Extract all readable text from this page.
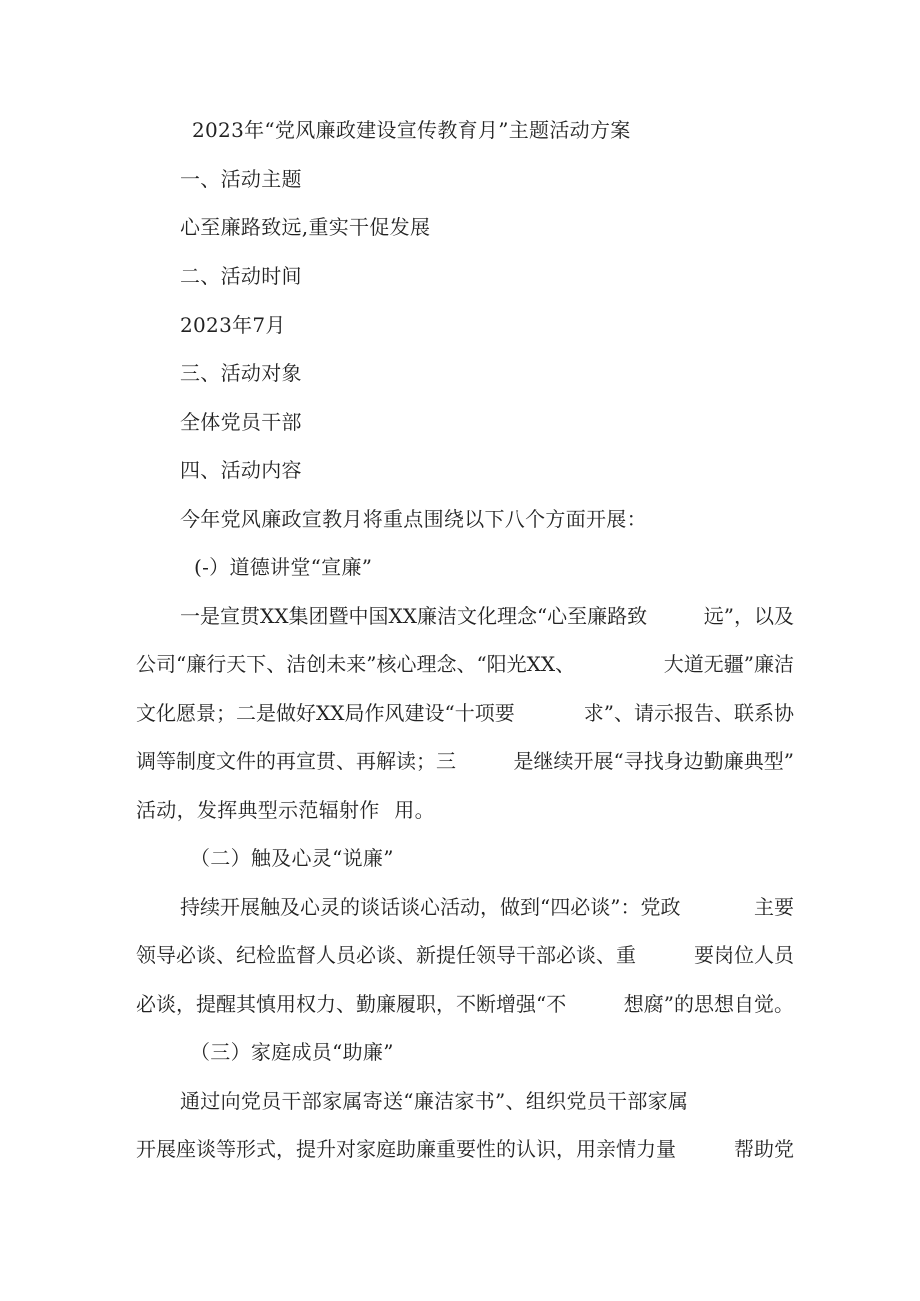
2023年“党风廉政建设宣传教育月”主题活动方案
一、活动主题
心至廉路致远,重实干促发展
二、活动时间
2023年7月
三、活动对象
全体党员干部
四、活动内容
今年党风廉政宣教月将重点围绕以下八个方面开展：
(-）道德讲堂“宣廉”
一是宣贯XX集团暨中国XX廉洁文化理念“心至廉路致	远”，以及
公司“廉行天下、洁创未来”核心理念、“阳光XX、	大道无疆”廉洁
文化愿景；二是做好XX局作风建设“十项要	求”、请示报告、联系协
调等制度文件的再宣贯、再解读；三	是继续开展“寻找身边勤廉典型”
活动，发挥典型示范辐射作 用。
（二）触及心灵“说廉”
持续开展触及心灵的谈话谈心活动，做到“四必谈”：党政	主要
领导必谈、纪检监督人员必谈、新提任领导干部必谈、重	要岗位人员
必谈，提醒其慎用权力、勤廉履职，不断增强“不	想腐”的思想自觉。
（三）家庭成员“助廉”
通过向党员干部家属寄送“廉洁家书”、组织党员干部家属
开展座谈等形式，提升对家庭助廉重要性的认识，用亲情力量	帮助党
